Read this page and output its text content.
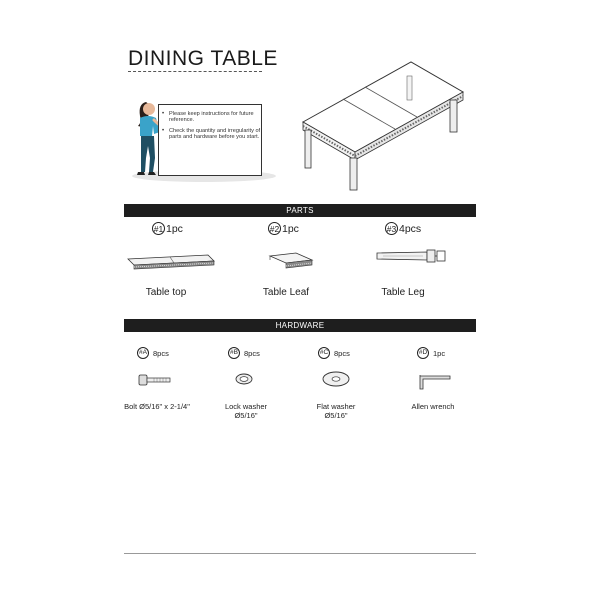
DINING TABLE
• Please keep instructions for future reference.
• Check the quantity and irregularity of parts and hardware before you start.
PARTS
#1 1pc
Table top
#2 1pc
Table Leaf
#3 4pcs
Table Leg
HARDWARE
#A 8pcs
Bolt Ø5/16" x 2-1/4"
#B 8pcs
Lock washer
Ø5/16"
#C 8pcs
Flat washer
Ø5/16"
#D 1pc
Allen wrench
